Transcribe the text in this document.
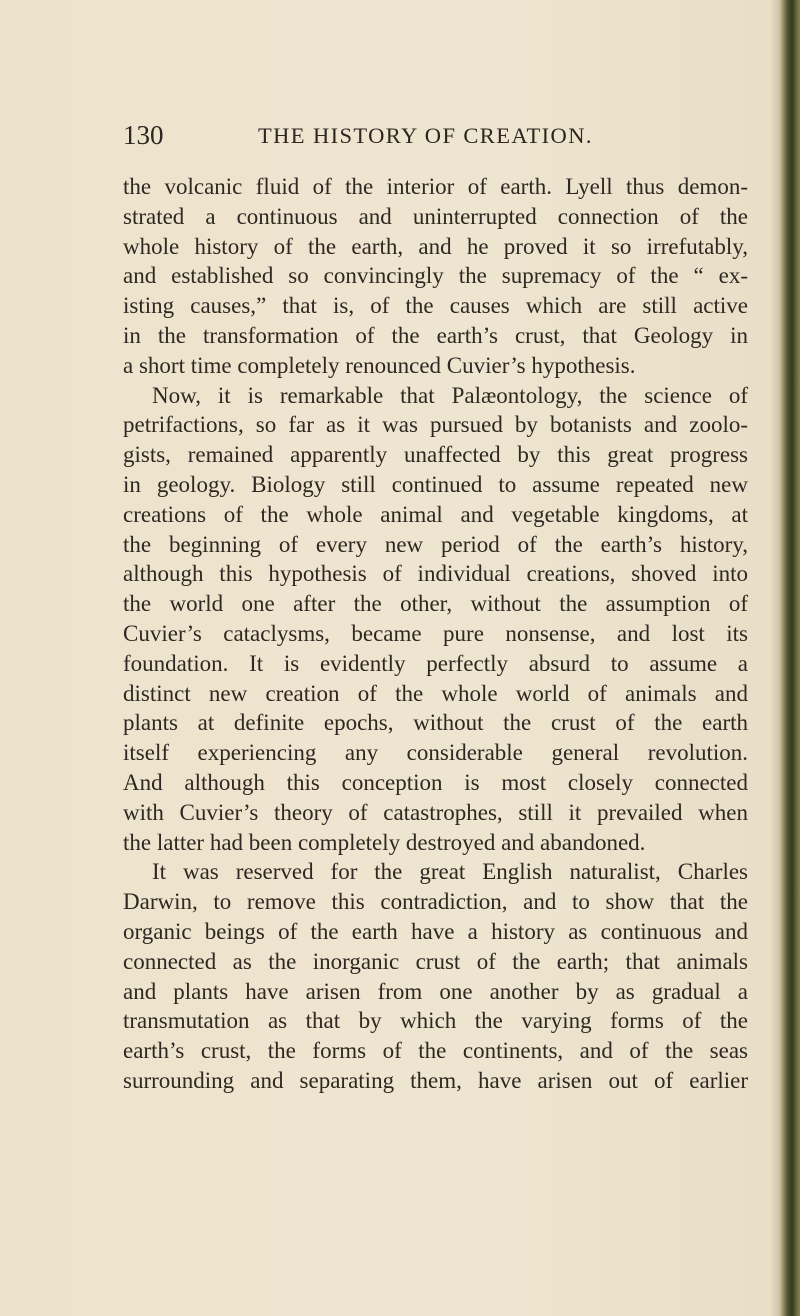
130	THE HISTORY OF CREATION.
the volcanic fluid of the interior of earth. Lyell thus demon-
strated a continuous and uninterrupted connection of the
whole history of the earth, and he proved it so irrefutably,
and established so convincingly the supremacy of the “ ex-
isting causes,” that is, of the causes which are still active
in the transformation of the earth’s crust, that Geology in
a short time completely renounced Cuvier’s hypothesis.
Now, it is remarkable that Palæontology, the science of
petrifactions, so far as it was pursued by botanists and zoolo-
gists, remained apparently unaffected by this great progress
in geology. Biology still continued to assume repeated new
creations of the whole animal and vegetable kingdoms, at
the beginning of every new period of the earth’s history,
although this hypothesis of individual creations, shoved into
the world one after the other, without the assumption of
Cuvier’s cataclysms, became pure nonsense, and lost its
foundation. It is evidently perfectly absurd to assume a
distinct new creation of the whole world of animals and
plants at definite epochs, without the crust of the earth
itself experiencing any considerable general revolution.
And although this conception is most closely connected
with Cuvier’s theory of catastrophes, still it prevailed when
the latter had been completely destroyed and abandoned.
It was reserved for the great English naturalist, Charles
Darwin, to remove this contradiction, and to show that the
organic beings of the earth have a history as continuous and
connected as the inorganic crust of the earth; that animals
and plants have arisen from one another by as gradual a
transmutation as that by which the varying forms of the
earth’s crust, the forms of the continents, and of the seas
surrounding and separating them, have arisen out of earlier
